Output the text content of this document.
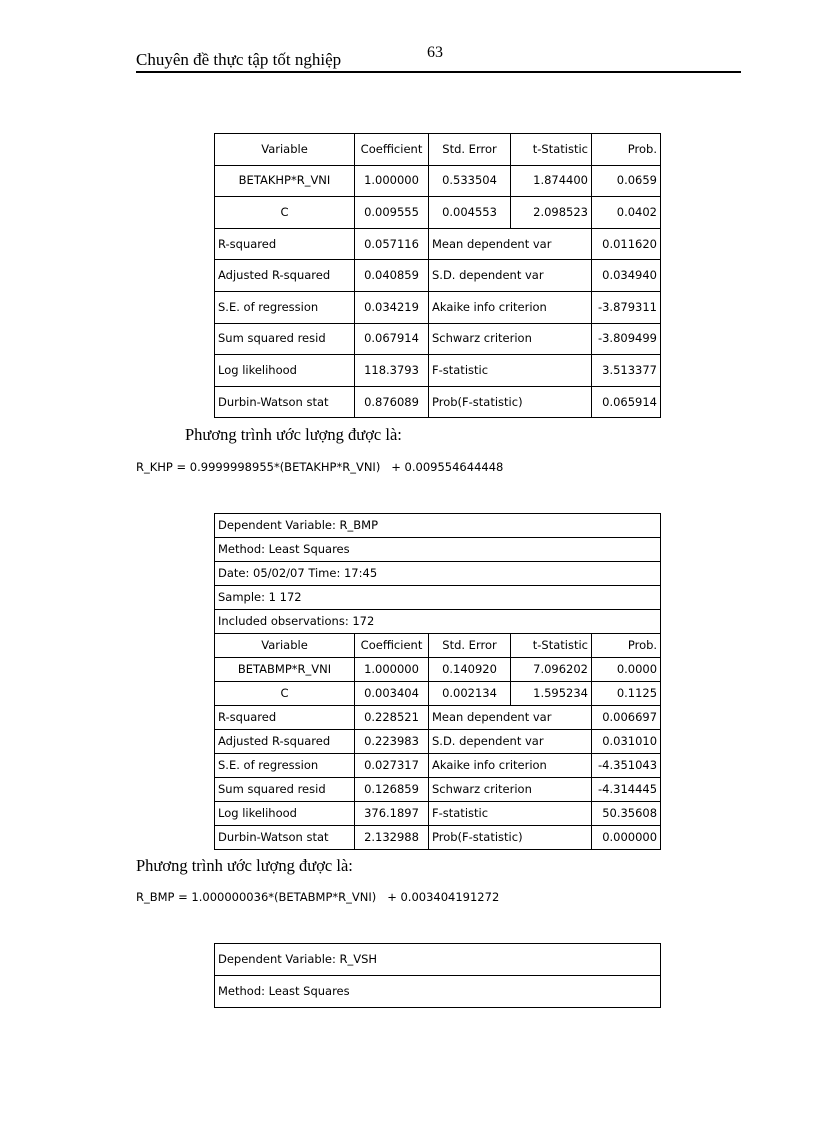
Chuyên đề thực tập tốt nghiệp	63
Variable	Coefficient	Std. Error	t-Statistic	Prob.
BETAKHP*R_VNI	1.000000	0.533504	1.874400	0.0659
C	0.009555	0.004553	2.098523	0.0402
R-squared	0.057116	Mean dependent var		0.011620
Adjusted R-squared	0.040859	S.D. dependent var		0.034940
S.E. of regression	0.034219	Akaike info criterion		-3.879311
Sum squared resid	0.067914	Schwarz criterion		-3.809499
Log likelihood	118.3793	F-statistic		3.513377
Durbin-Watson stat	0.876089	Prob(F-statistic)		0.065914
Phương trình ước lượng được là:
R_KHP = 0.9999998955*(BETAKHP*R_VNI)   + 0.009554644448
Dependent Variable: R_BMP				
Method: Least Squares				
Date: 05/02/07 Time: 17:45				
Sample: 1 172				
Included observations: 172				
Variable	Coefficient	Std. Error	t-Statistic	Prob.
BETABMP*R_VNI	1.000000	0.140920	7.096202	0.0000
C	0.003404	0.002134	1.595234	0.1125
R-squared	0.228521	Mean dependent var		0.006697
Adjusted R-squared	0.223983	S.D. dependent var		0.031010
S.E. of regression	0.027317	Akaike info criterion		-4.351043
Sum squared resid	0.126859	Schwarz criterion		-4.314445
Log likelihood	376.1897	F-statistic		50.35608
Durbin-Watson stat	2.132988	Prob(F-statistic)		0.000000
Phương trình ước lượng được là:
R_BMP = 1.000000036*(BETABMP*R_VNI)   + 0.003404191272
Dependent Variable: R_VSH
Method: Least Squares
